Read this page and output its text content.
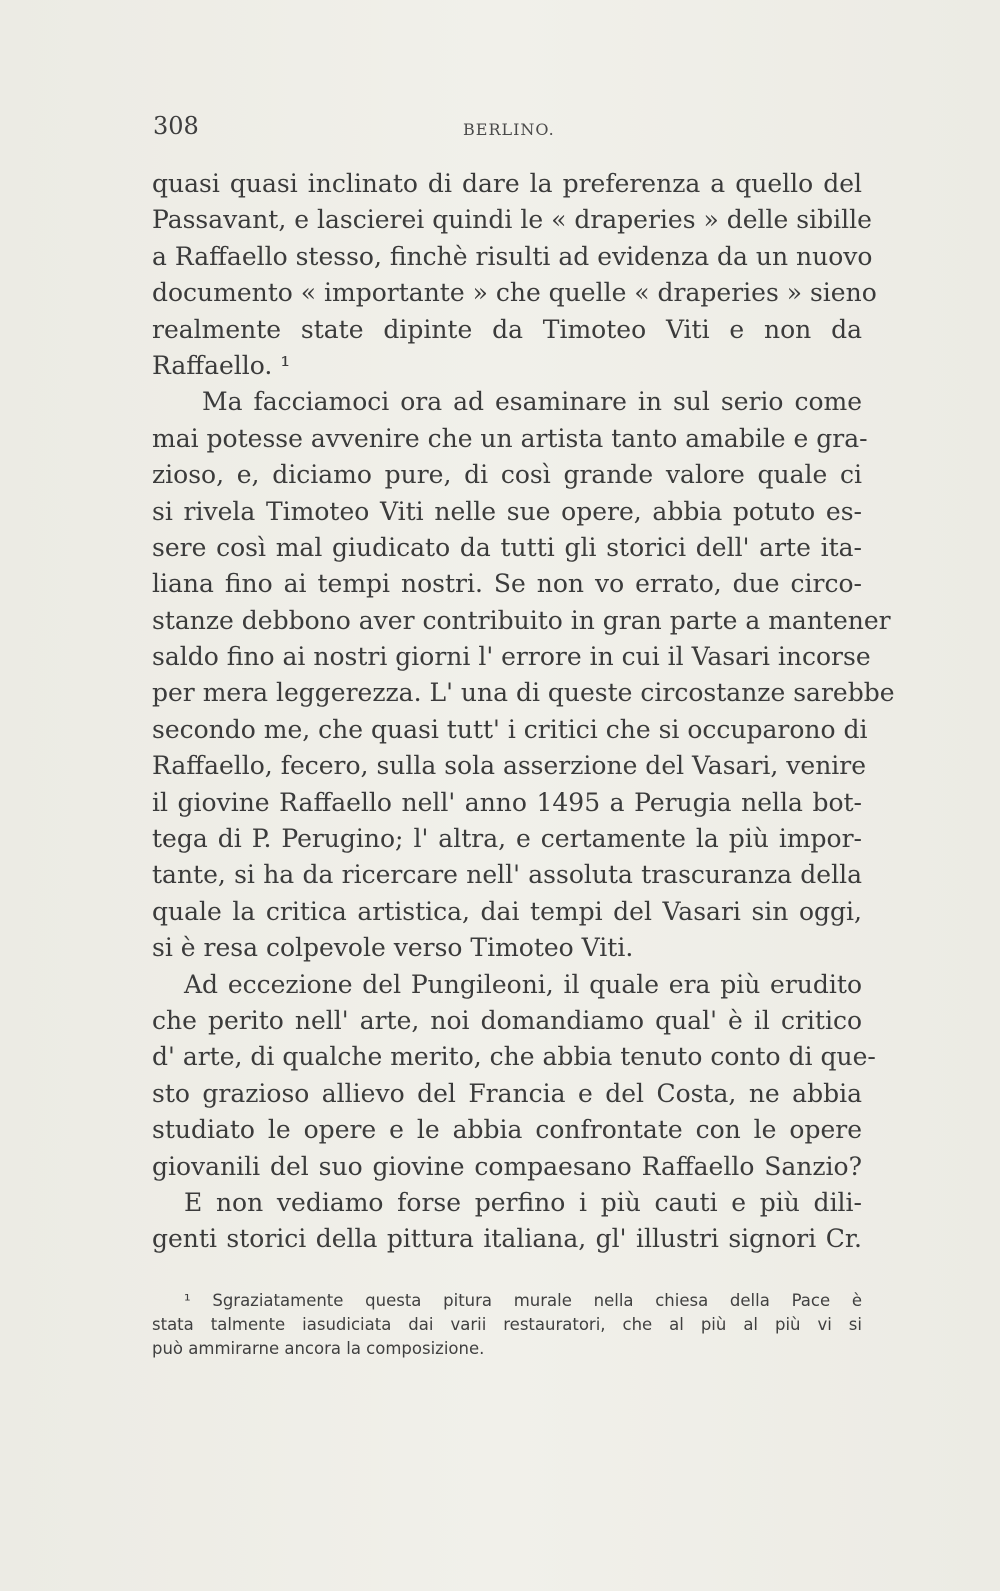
308	BERLINO.
quasi quasi inclinato di dare la preferenza a quello del
Passavant, e lascierei quindi le « draperies » delle sibille
a Raffaello stesso, finchè risulti ad evidenza da un nuovo
documento « importante » che quelle « draperies » sieno
realmente state dipinte da Timoteo Viti e non da
Raffaello. ¹
Ma facciamoci ora ad esaminare in sul serio come
mai potesse avvenire che un artista tanto amabile e gra-
zioso, e, diciamo pure, di così grande valore quale ci
si rivela Timoteo Viti nelle sue opere, abbia potuto es-
sere così mal giudicato da tutti gli storici dell' arte ita-
liana fino ai tempi nostri. Se non vo errato, due circo-
stanze debbono aver contribuito in gran parte a mantener
saldo fino ai nostri giorni l' errore in cui il Vasari incorse
per mera leggerezza. L' una di queste circostanze sarebbe
secondo me, che quasi tutt' i critici che si occuparono di
Raffaello, fecero, sulla sola asserzione del Vasari, venire
il giovine Raffaello nell' anno 1495 a Perugia nella bot-
tega di P. Perugino; l' altra, e certamente la più impor-
tante, si ha da ricercare nell' assoluta trascuranza della
quale la critica artistica, dai tempi del Vasari sin oggi,
si è resa colpevole verso Timoteo Viti.
Ad eccezione del Pungileoni, il quale era più erudito
che perito nell' arte, noi domandiamo qual' è il critico
d' arte, di qualche merito, che abbia tenuto conto di que-
sto grazioso allievo del Francia e del Costa, ne abbia
studiato le opere e le abbia confrontate con le opere
giovanili del suo giovine compaesano Raffaello Sanzio?
E non vediamo forse perfino i più cauti e più dili-
genti storici della pittura italiana, gl' illustri signori Cr.
¹ Sgraziatamente questa pitura murale nella chiesa della Pace è
stata talmente iasudiciata dai varii restauratori, che al più al più vi si
può ammirarne ancora la composizione.
